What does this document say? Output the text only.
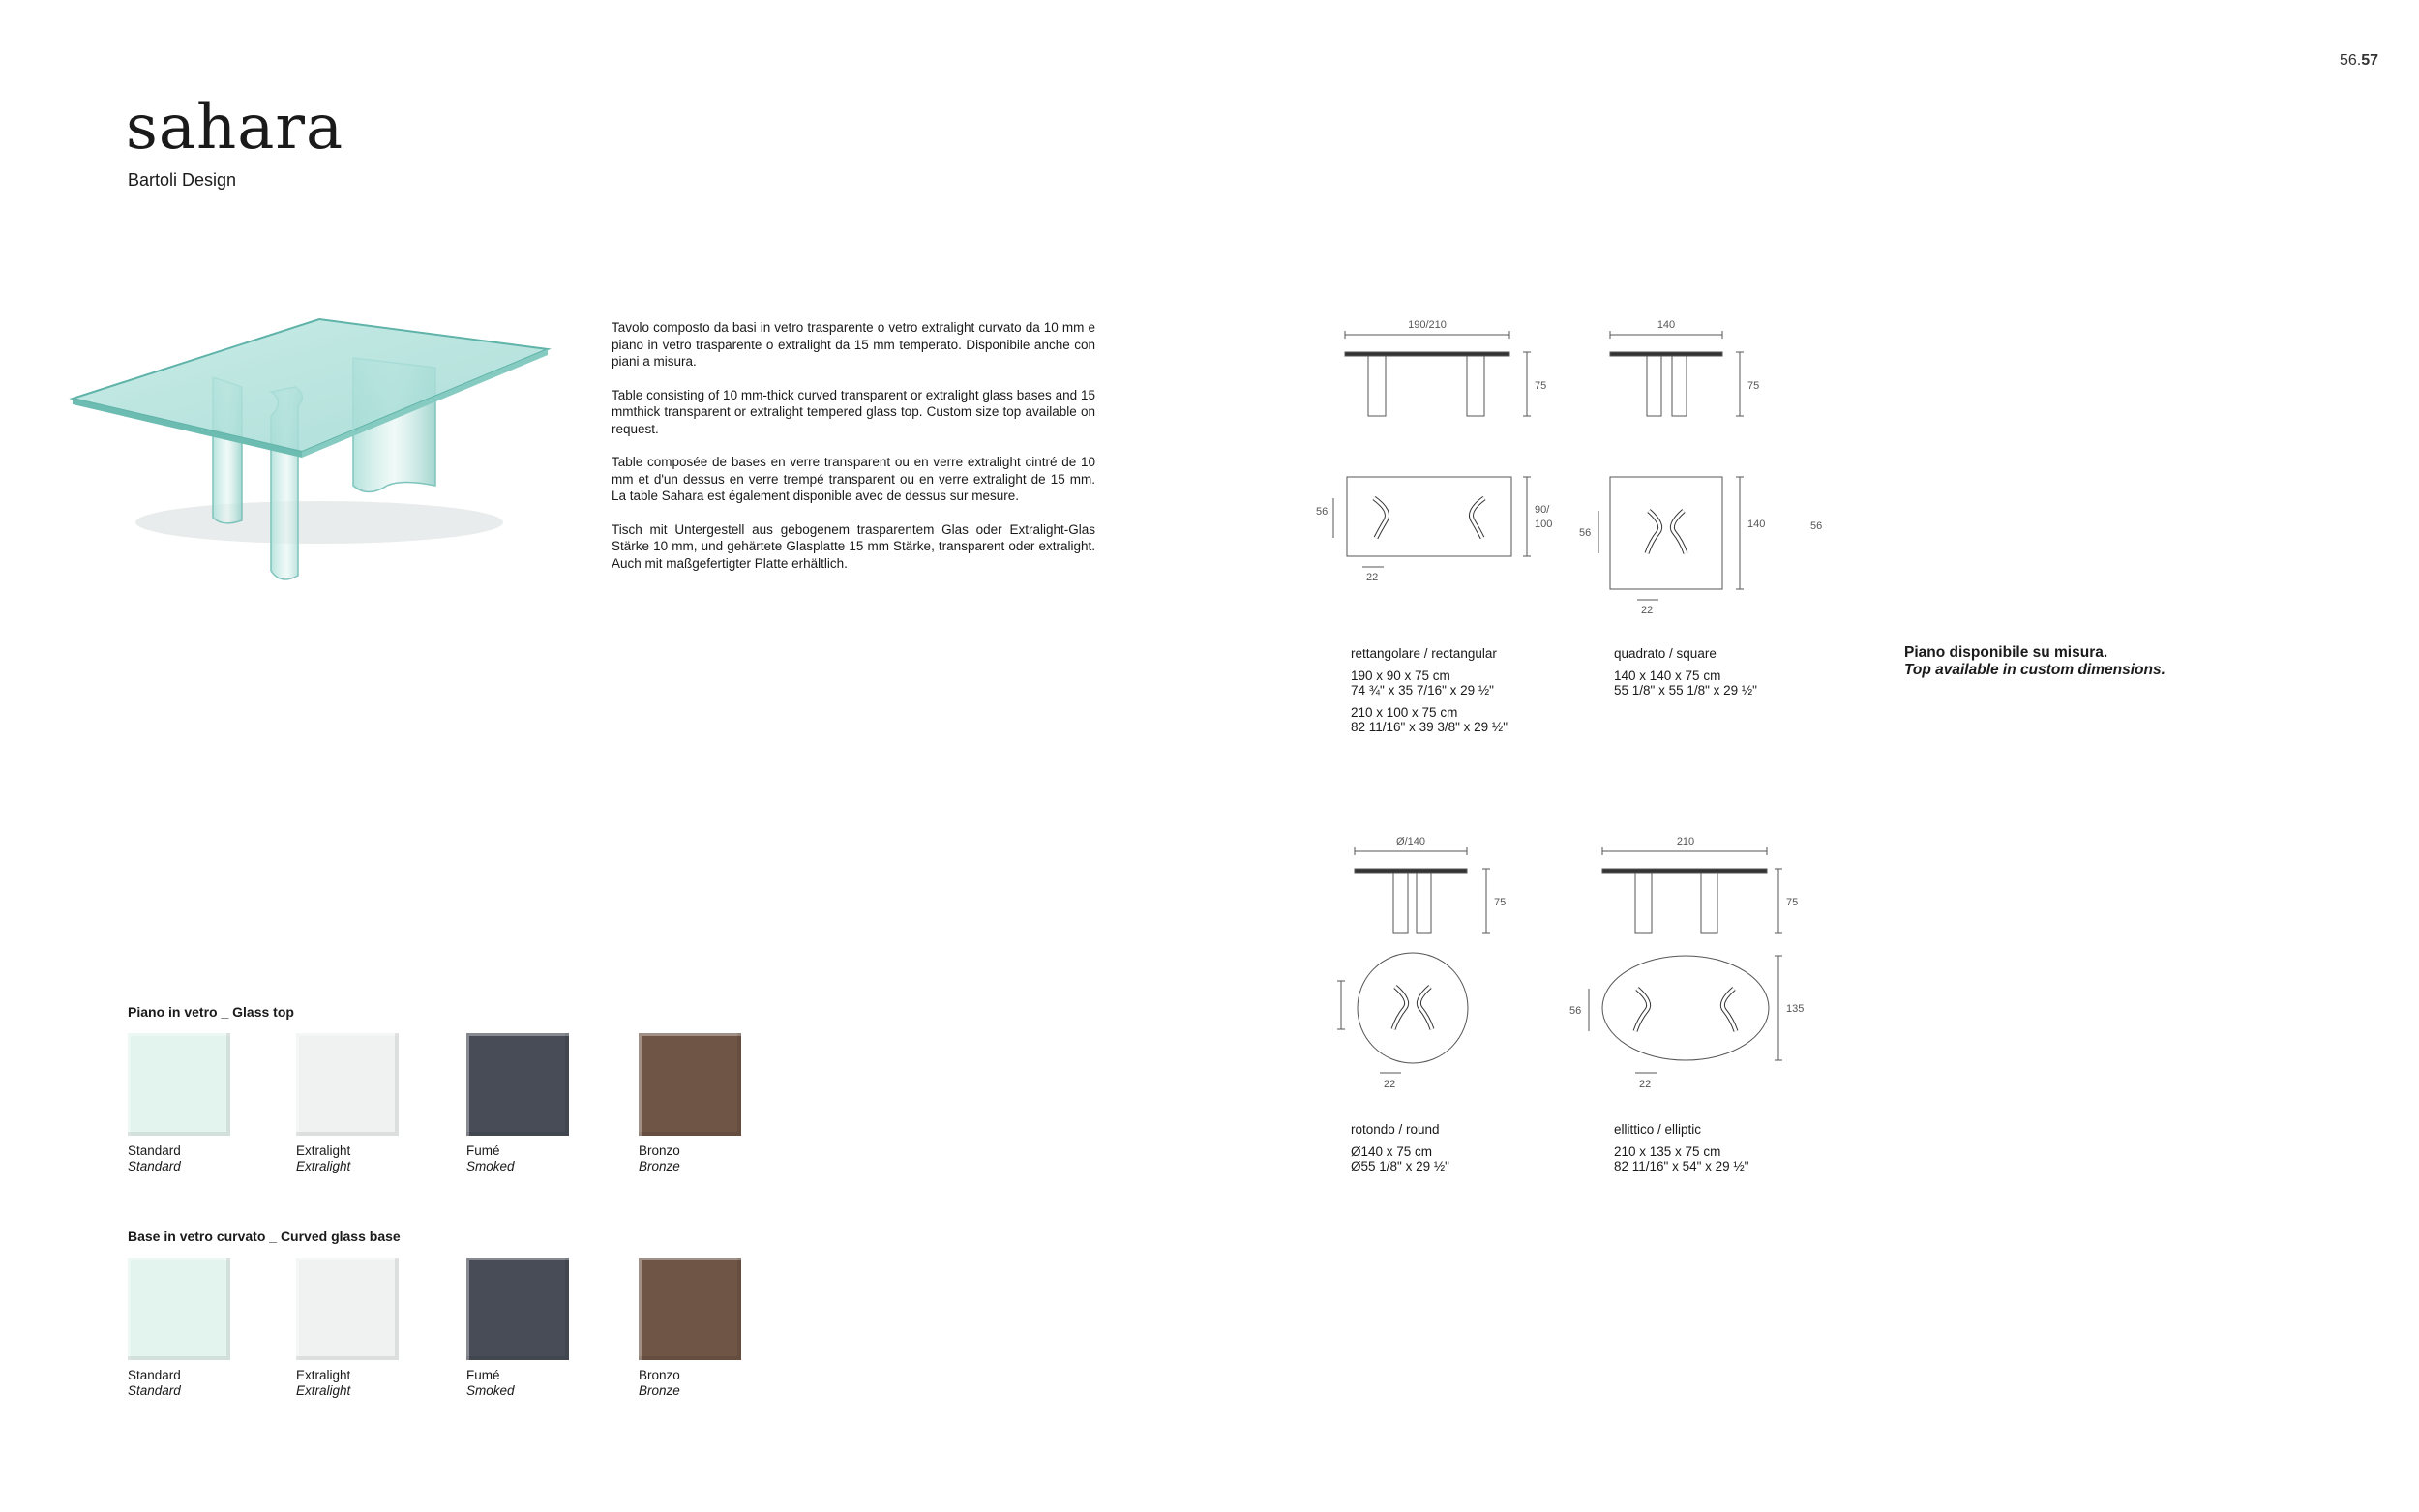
56.57
sahara
Bartoli Design

Tavolo composto da basi in vetro trasparente o vetro extralight curvato da 10 mm e piano in vetro trasparente o extralight da 15 mm temperato. Disponibile anche con piani a misura.

Table consisting of 10 mm-thick curved transparent or extralight glass bases and 15 mmthick transparent or extralight tempered glass top. Custom size top available on request.

Table composée de bases en verre transparent ou en verre extralight cintré de 10 mm et d'un dessus en verre trempé transparent ou en verre extralight de 15 mm. La table Sahara est également disponible avec de dessus sur mesure.

Tisch mit Untergestell aus gebogenem trasparentem Glas oder Extralight-Glas Stärke 10 mm, und gehärtete Glasplatte 15 mm Stärke, transparent oder extralight. Auch mit maßgefertigter Platte erhältlich.

Piano in vetro _ Glass top
Standard
Standard
Extralight
Extralight
Fumé
Smoked
Bronzo
Bronze
Base in vetro curvato _ Curved glass base
Standard
Standard
Extralight
Extralight
Fumé
Smoked
Bronzo
Bronze
190/210
75
90/
100
56
22
140
75
140
56
56
22
Ø/140
75
22
210
75
135
56
22
rettangolare / rectangular
190 x 90 x 75 cm
74 ¾" x 35 7/16" x 29 ½"
210 x 100 x 75 cm
82 11/16" x 39 3/8" x 29 ½"
quadrato / square
140 x 140 x 75 cm
55 1/8" x 55 1/8" x 29 ½"
rotondo / round
Ø140 x 75 cm
Ø55 1/8" x 29 ½"
ellittico / elliptic
210 x 135 x 75 cm
82 11/16" x 54" x 29 ½"
Piano disponibile su misura.
Top available in custom dimensions.
